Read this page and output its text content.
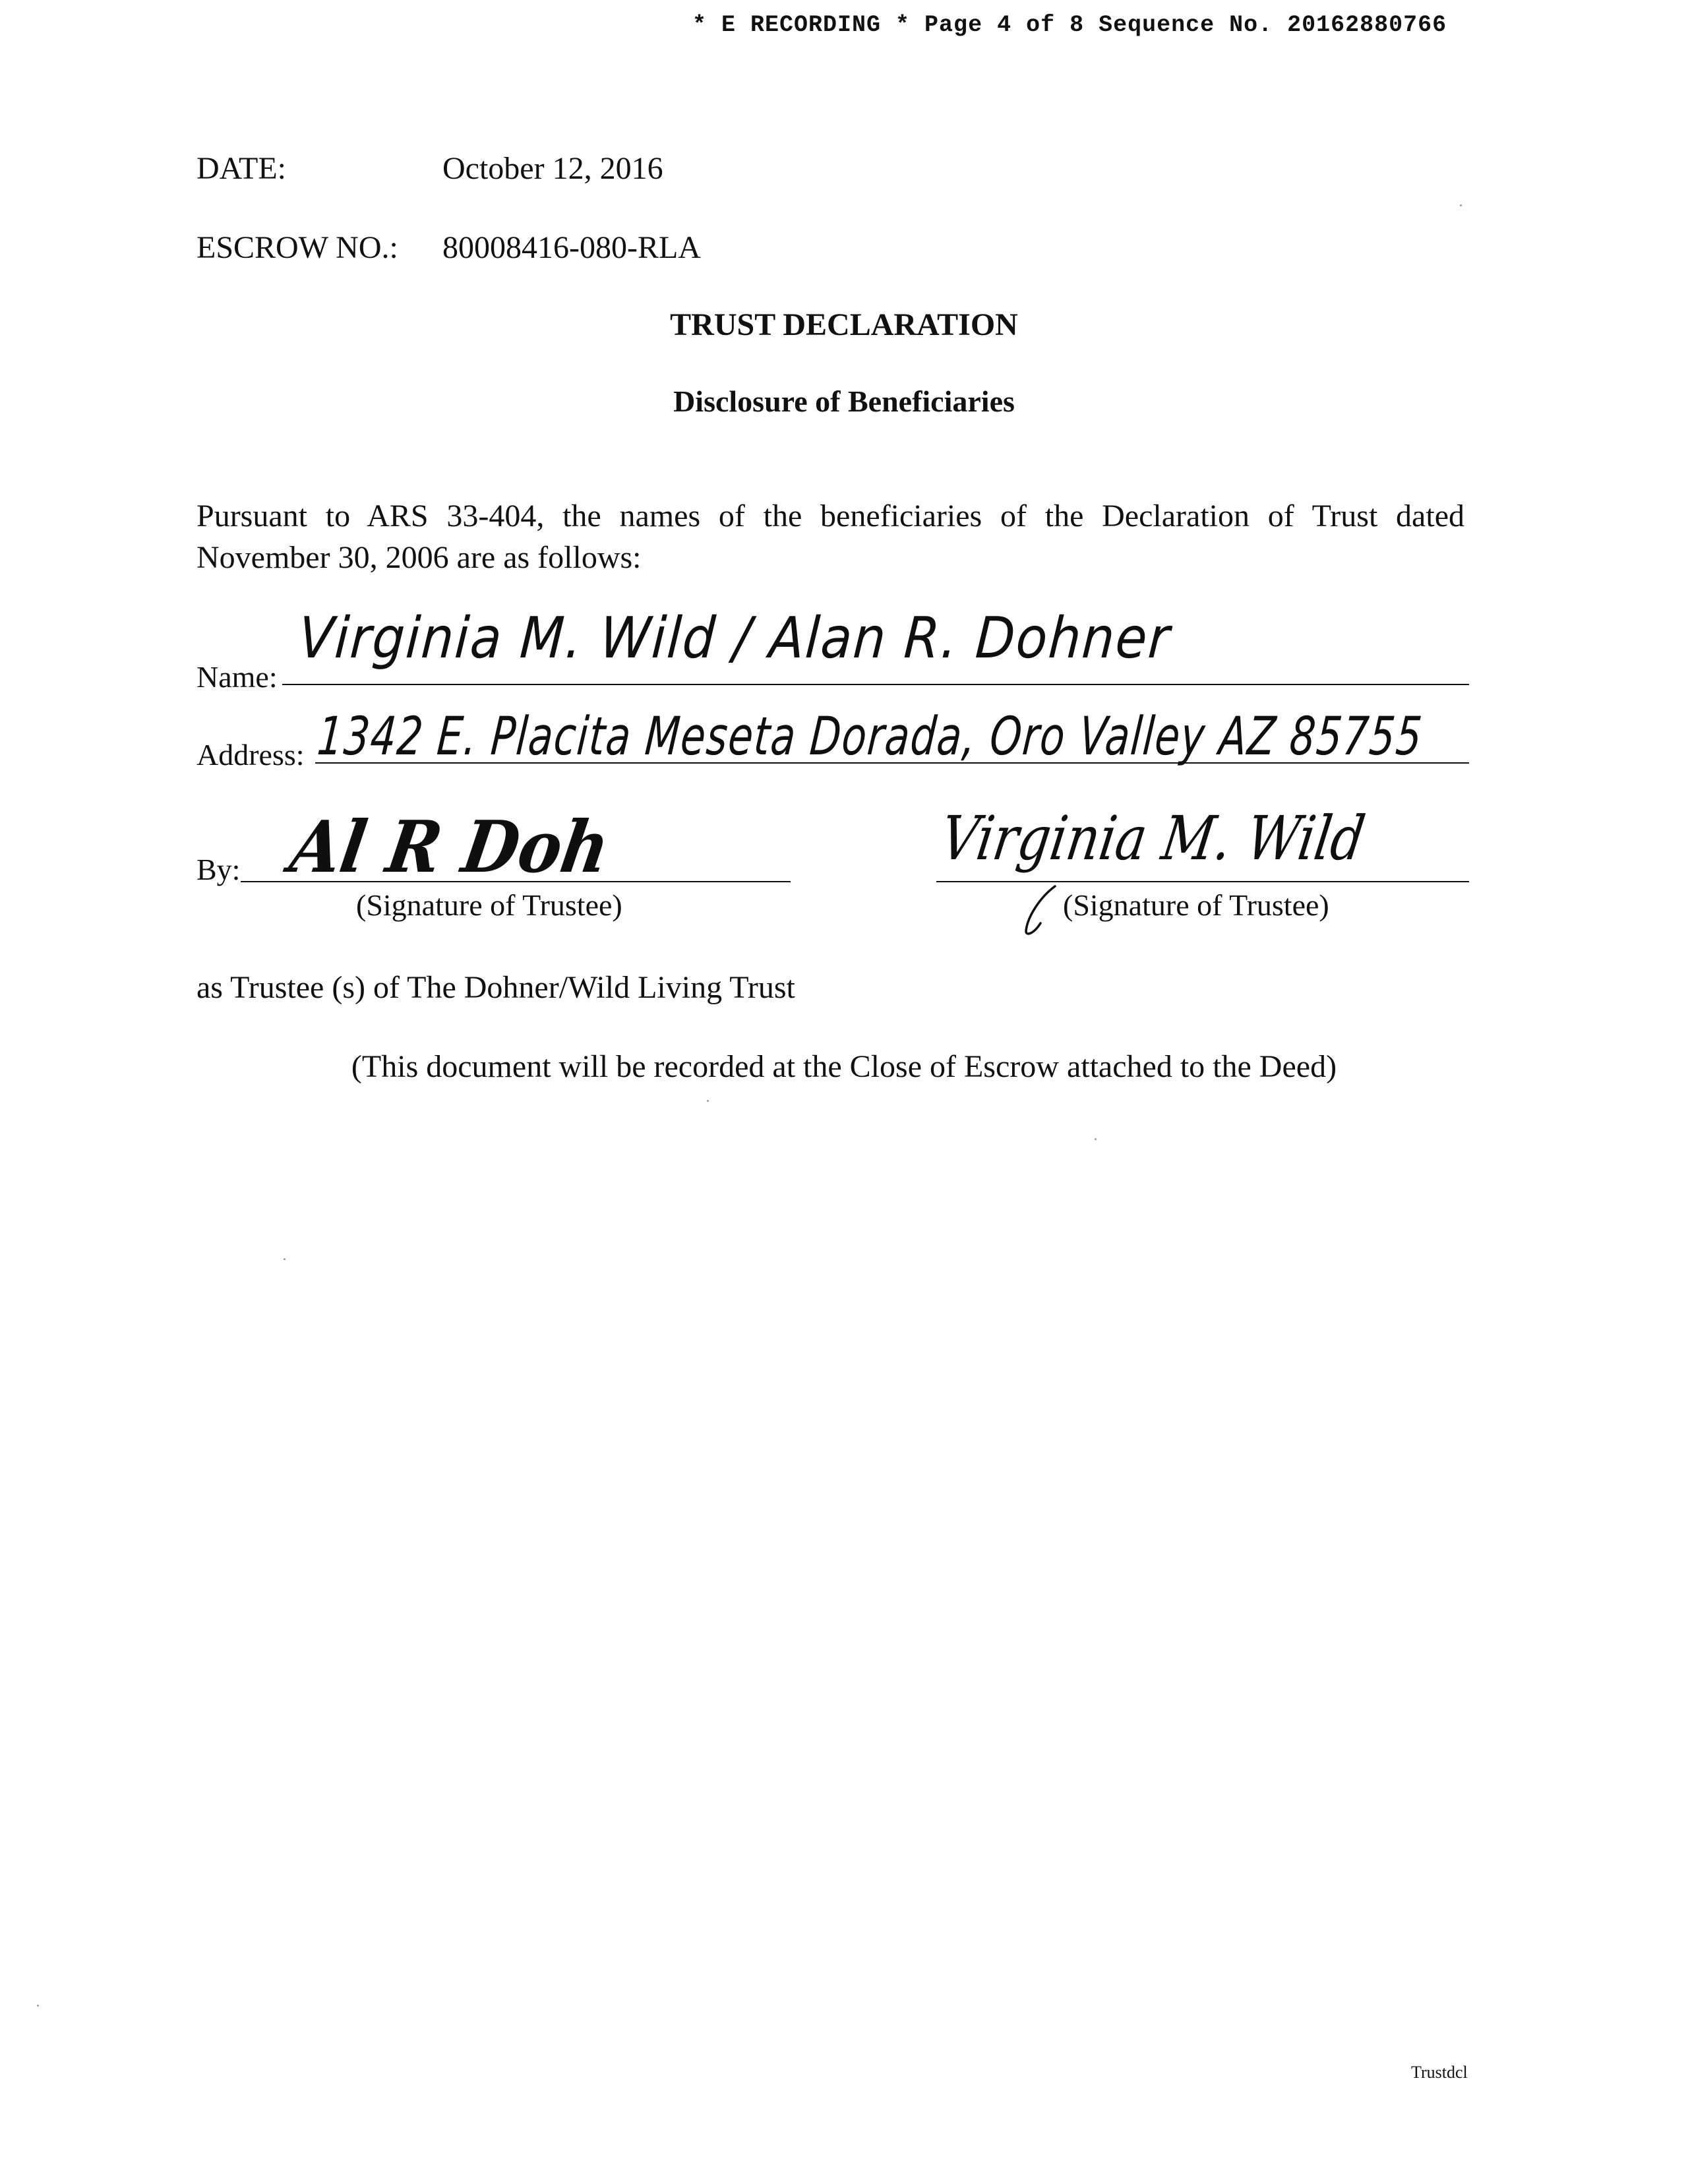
* E RECORDING * Page 4 of 8 Sequence No. 20162880766
DATE:	October 12, 2016
ESCROW NO.: 80008416-080-RLA
TRUST DECLARATION
Disclosure of Beneficiaries
Pursuant to ARS 33-404, the names of the beneficiaries of the Declaration of Trust dated
November 30, 2006 are as follows:
Name:
Virginia M. Wild / Alan R. Dohner
Address: 1342 E. Placita Meseta Dorada, Oro Valley AZ 85755
By: Al R Doh	Virginia M. Wild
(Signature of Trustee)	(Signature of Trustee)
as Trustee (s) of The Dohner/Wild Living Trust
(This document will be recorded at the Close of Escrow attached to the Deed)
Trustdcl
